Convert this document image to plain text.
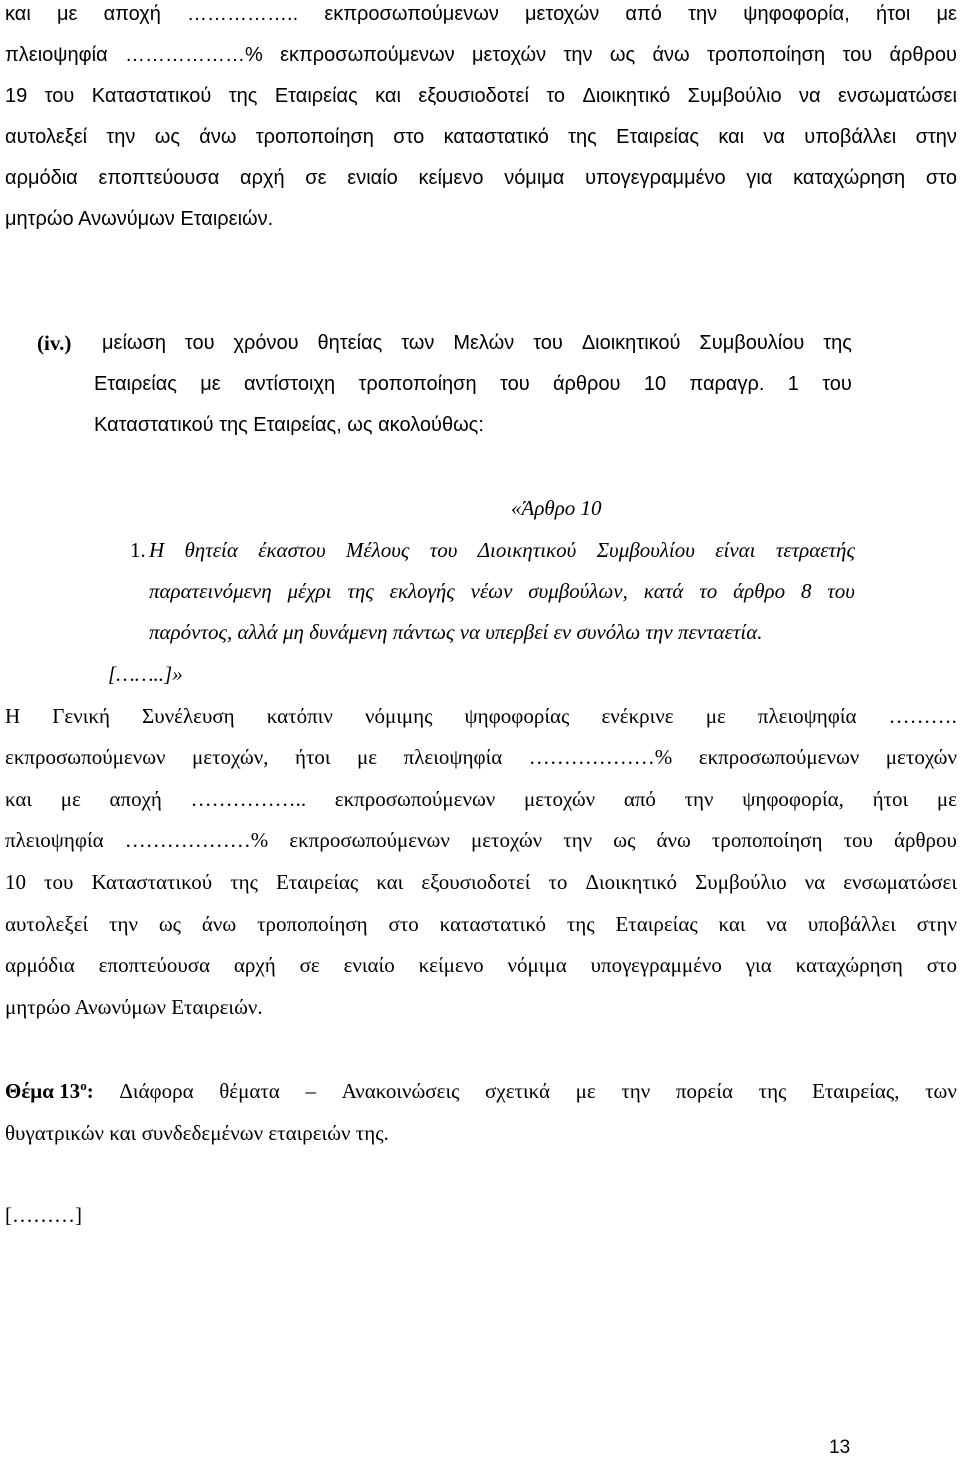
και με αποχή …………….. εκπροσωπούμενων μετοχών από την ψηφοφορία, ήτοι με
πλειοψηφία ………………% εκπροσωπούμενων μετοχών την ως άνω τροποποίηση του άρθρου
19 του Καταστατικού της Εταιρείας και εξουσιοδοτεί το Διοικητικό Συμβούλιο να ενσωματώσει
αυτολεξεί την ως άνω τροποποίηση στο καταστατικό της Εταιρείας και να υποβάλλει στην
αρμόδια εποπτεύουσα αρχή σε ενιαίο κείμενο νόμιμα υπογεγραμμένο για καταχώρηση στο
μητρώο Ανωνύμων Εταιρειών.
(iv.) μείωση του χρόνου θητείας των Μελών του Διοικητικού Συμβουλίου της
Εταιρείας με αντίστοιχη τροποποίηση του άρθρου 10 παραγρ. 1 του
Καταστατικού της Εταιρείας, ως ακολούθως:
«Άρθρο 10
1. Η θητεία έκαστου Μέλους του Διοικητικού Συμβουλίου είναι τετραετής
παρατεινόμενη μέχρι της εκλογής νέων συμβούλων, κατά το άρθρο 8 του
παρόντος, αλλά μη δυνάμενη πάντως να υπερβεί εν συνόλω την πενταετία.
[……..]»
Η Γενική Συνέλευση κατόπιν νόμιμης ψηφοφορίας ενέκρινε με πλειοψηφία ……….
εκπροσωπούμενων μετοχών, ήτοι με πλειοψηφία ………………% εκπροσωπούμενων μετοχών
και με αποχή …………….. εκπροσωπούμενων μετοχών από την ψηφοφορία, ήτοι με
πλειοψηφία ………………% εκπροσωπούμενων μετοχών την ως άνω τροποποίηση του άρθρου
10 του Καταστατικού της Εταιρείας και εξουσιοδοτεί το Διοικητικό Συμβούλιο να ενσωματώσει
αυτολεξεί την ως άνω τροποποίηση στο καταστατικό της Εταιρείας και να υποβάλλει στην
αρμόδια εποπτεύουσα αρχή σε ενιαίο κείμενο νόμιμα υπογεγραμμένο για καταχώρηση στο
μητρώο Ανωνύμων Εταιρειών.
Θέμα $13^o$: Διάφορα θέματα – Ανακοινώσεις σχετικά με την πορεία της Εταιρείας, των
θυγατρικών και συνδεδεμένων εταιρειών της.
[………]
13
